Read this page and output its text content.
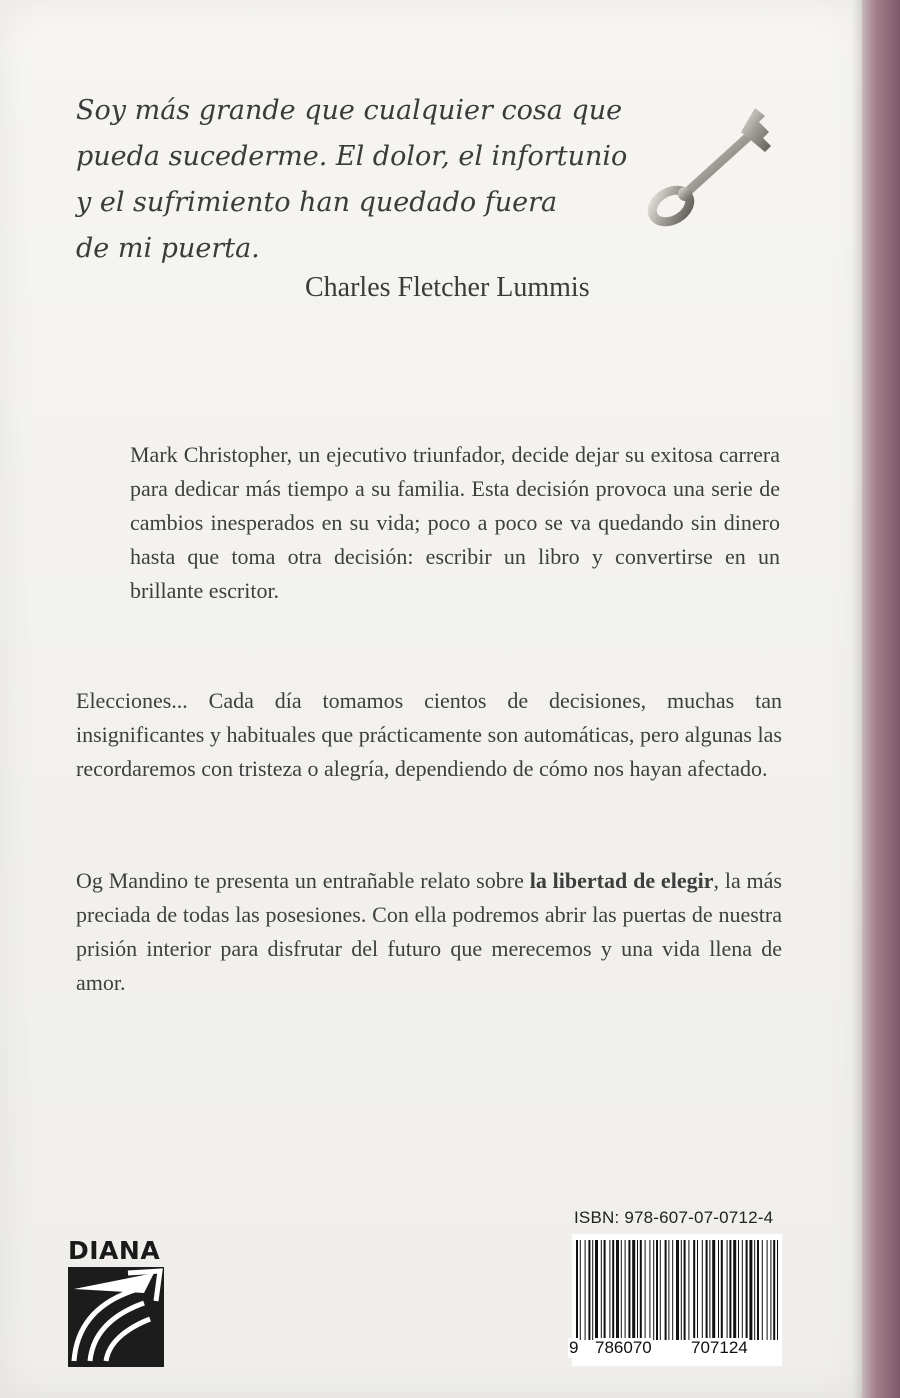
Soy más grande que cualquier cosa que
pueda sucederme. El dolor, el infortunio
y el sufrimiento han quedado fuera
de mi puerta.

Charles Fletcher Lummis

Mark Christopher, un ejecutivo triunfador, decide dejar su exitosa carrera para dedicar más tiempo a su familia. Esta decisión provoca una serie de cambios inesperados en su vida; poco a poco se va quedando sin dinero hasta que toma otra decisión: escribir un libro y convertirse en un brillante escritor.

Elecciones... Cada día tomamos cientos de decisiones, muchas tan insignificantes y habituales que prácticamente son automáticas, pero algunas las recordaremos con tristeza o alegría, dependiendo de cómo nos hayan afectado.

Og Mandino te presenta un entrañable relato sobre la libertad de elegir, la más preciada de todas las posesiones. Con ella podremos abrir las puertas de nuestra prisión interior para disfrutar del futuro que merecemos y una vida llena de amor.

ISBN: 978-607-07-0712-4
9 786070 707124
DIANA
